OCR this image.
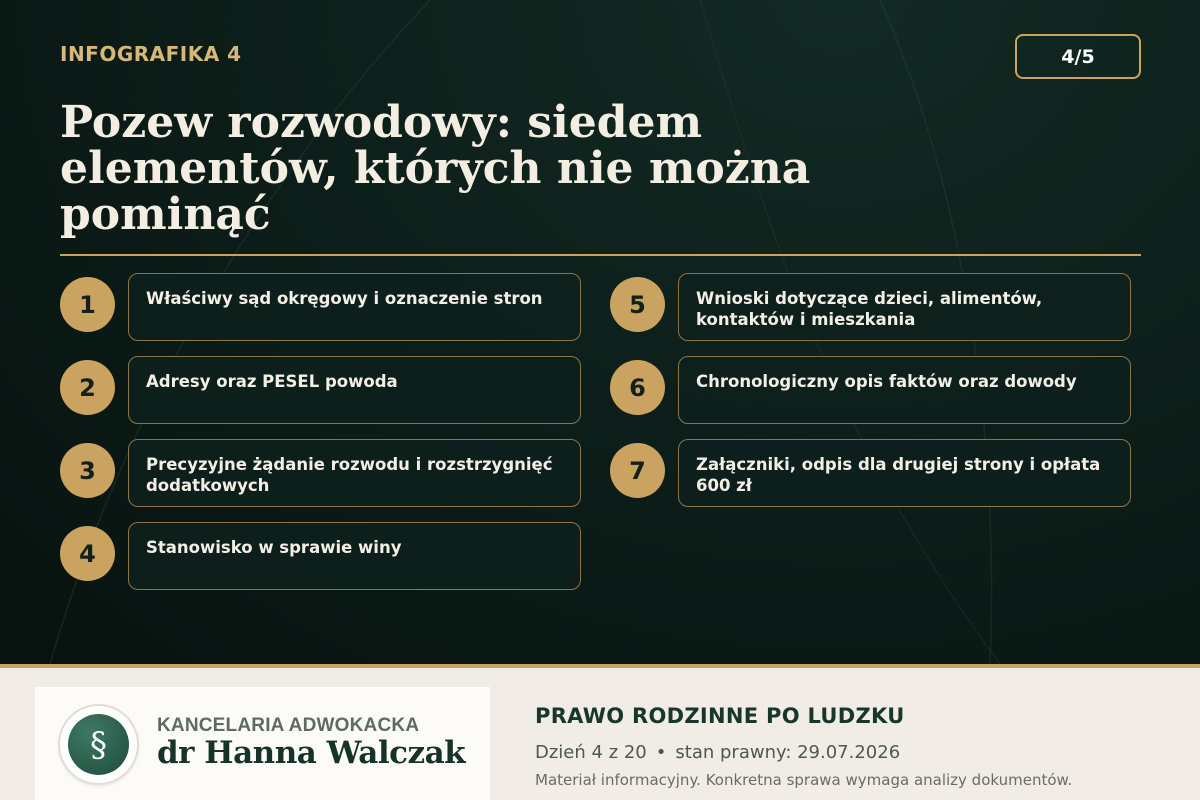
INFOGRAFIKA 4	4/5
Pozew rozwodowy: siedem elementów, których nie można pominąć
1	Właściwy sąd okręgowy i oznaczenie stron
2	Adresy oraz PESEL powoda
3	Precyzyjne żądanie rozwodu i rozstrzygnięć dodatkowych
4	Stanowisko w sprawie winy
5	Wnioski dotyczące dzieci, alimentów, kontaktów i mieszkania
6	Chronologiczny opis faktów oraz dowody
7	Załączniki, odpis dla drugiej strony i opłata 600 zł
§	KANCELARIA ADWOKACKA
dr Hanna Walczak
PRAWO RODZINNE PO LUDZKU
Dzień 4 z 20 • stan prawny: 29.07.2026
Materiał informacyjny. Konkretna sprawa wymaga analizy dokumentów.
